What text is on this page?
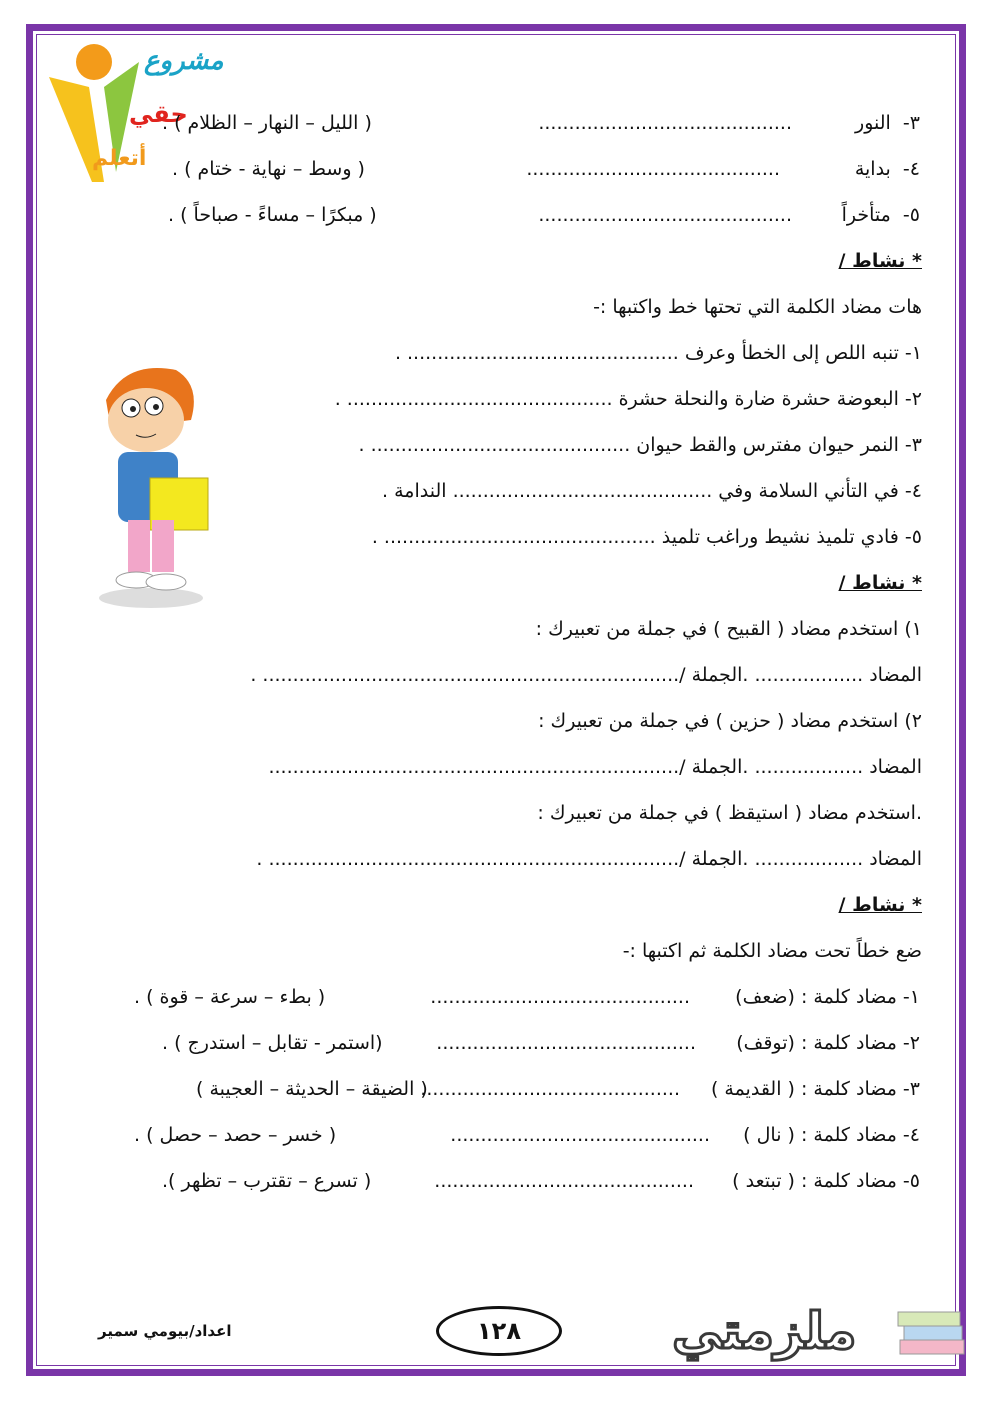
مشروع
حقي
أتعلم
٣-  النور
..........................................
( الليل – النهار – الظلام ) .
٤-  بداية
..........................................
( وسط – نهاية - ختام ) .
٥-  متأخراً
..........................................
( مبكرًا – مساءً - صباحاً ) .
* نشاط /
هات مضاد الكلمة التي تحتها خط واكتبها :-
١- تنبه اللص إلى الخطأ وعرف ............................................. .
٢- البعوضة حشرة ضارة والنحلة حشرة ............................................ .
٣- النمر حيوان مفترس والقط حيوان ........................................... .
٤- في التأني السلامة وفي ........................................... الندامة .
٥- فادي تلميذ نشيط وراغب تلميذ ............................................. .
* نشاط /
١) استخدم مضاد ( القبيح ) في جملة من تعبيرك :
المضاد .................. .الجملة /..................................................................... .
٢) استخدم مضاد ( حزين ) في جملة من تعبيرك :
المضاد .................. .الجملة /....................................................................
.استخدم مضاد ( استيقظ ) في جملة من تعبيرك :
المضاد .................. .الجملة /.................................................................... .
* نشاط /
ضع خطاً تحت مضاد الكلمة ثم اكتبها :-
١- مضاد كلمة : (ضعف)
...........................................
( بطء – سرعة – قوة ) .
٢- مضاد كلمة : (توقف)
...........................................
(استمر - تقابل – استدرج ) .
٣- مضاد كلمة : ( القديمة )
...........................................
( الضيقة – الحديثة – العجيبة )
٤- مضاد كلمة : ( نال )
...........................................
( خسر – حصد – حصل ) .
٥- مضاد كلمة : ( تبتعد )
...........................................
( تسرع – تقترب – تظهر ).
اعداد/بيومي سمير	١٢٨	ملزمتي
